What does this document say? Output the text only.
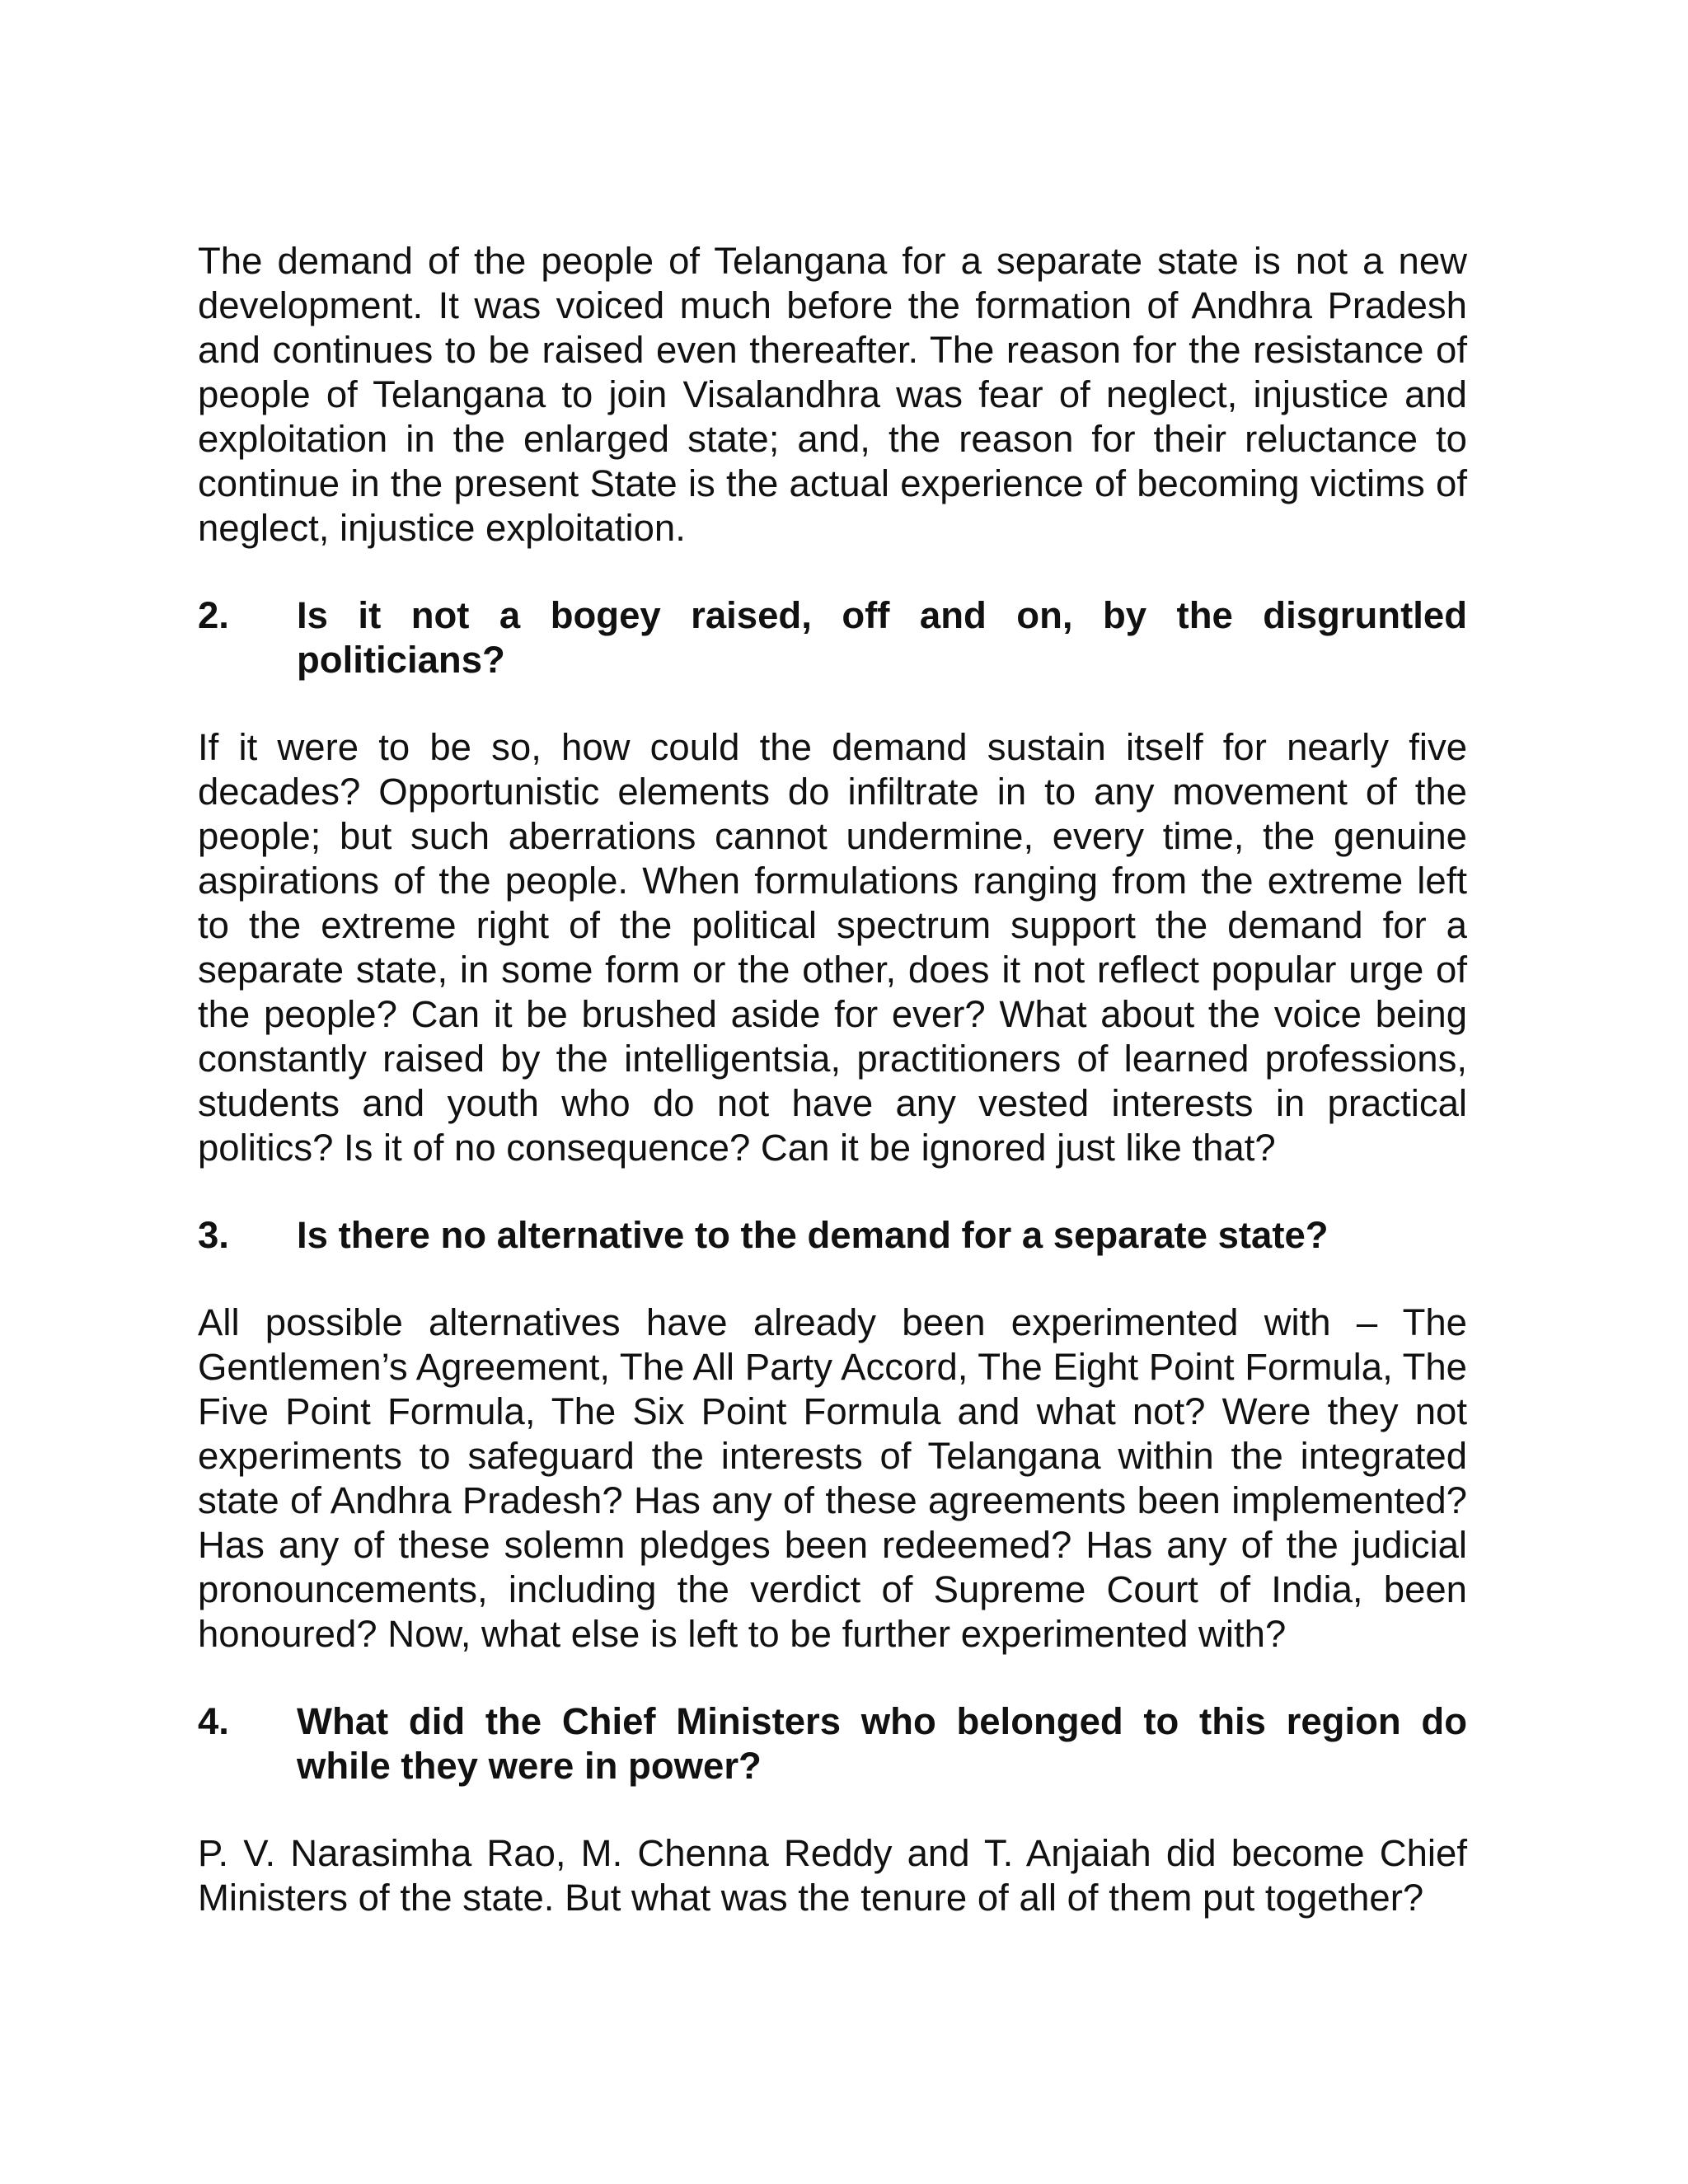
The demand of the people of Telangana for a separate state is not a new development. It was voiced much before the formation of Andhra Pradesh and continues to be raised even thereafter. The reason for the resistance of people of Telangana to join Visalandhra was fear of neglect, injustice and exploitation in the enlarged state; and, the reason for their reluctance to continue in the present State is the actual experience of becoming victims of neglect, injustice exploitation.

2.	Is it not a bogey raised, off and on, by the disgruntled politicians?

If it were to be so, how could the demand sustain itself for nearly five decades? Opportunistic elements do infiltrate in to any movement of the people; but such aberrations cannot undermine, every time, the genuine aspirations of the people. When formulations ranging from the extreme left to the extreme right of the political spectrum support the demand for a separate state, in some form or the other, does it not reflect popular urge of the people? Can it be brushed aside for ever? What about the voice being constantly raised by the intelligentsia, practitioners of learned professions, students and youth who do not have any vested interests in practical politics? Is it of no consequence? Can it be ignored just like that?

3.	Is there no alternative to the demand for a separate state?

All possible alternatives have already been experimented with – The Gentlemen’s Agreement, The All Party Accord, The Eight Point Formula, The Five Point Formula, The Six Point Formula and what not? Were they not experiments to safeguard the interests of Telangana within the integrated state of Andhra Pradesh? Has any of these agreements been implemented? Has any of these solemn pledges been redeemed? Has any of the judicial pronouncements, including the verdict of Supreme Court of India, been honoured? Now, what else is left to be further experimented with?

4.	What did the Chief Ministers who belonged to this region do while they were in power?

P. V. Narasimha Rao, M. Chenna Reddy and T. Anjaiah did become Chief Ministers of the state. But what was the tenure of all of them put together?
